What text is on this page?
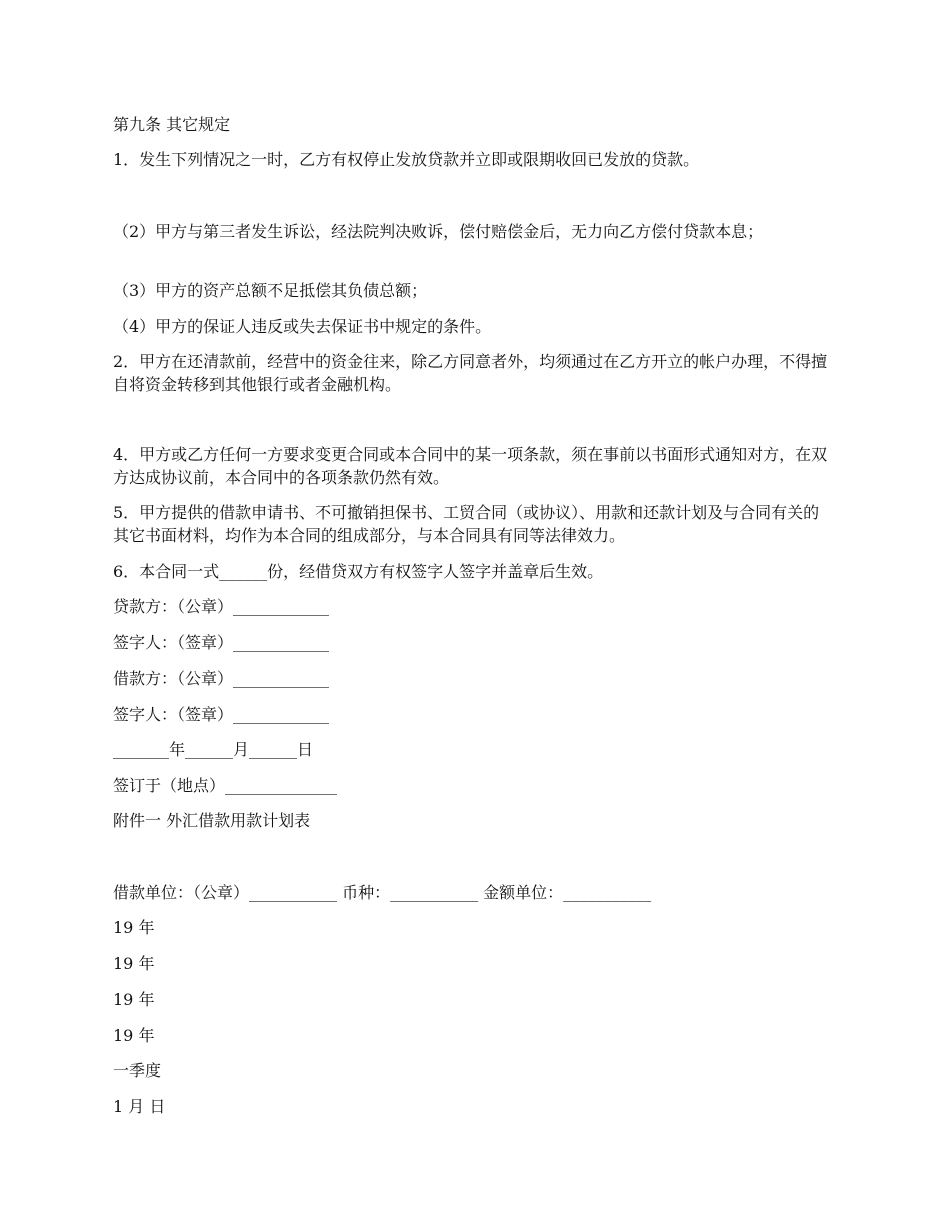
第九条 其它规定

1．发生下列情况之一时，乙方有权停止发放贷款并立即或限期收回已发放的贷款。

（2）甲方与第三者发生诉讼，经法院判决败诉，偿付赔偿金后，无力向乙方偿付贷款本息；

（3）甲方的资产总额不足抵偿其负债总额；

（4）甲方的保证人违反或失去保证书中规定的条件。

2．甲方在还清款前，经营中的资金往来，除乙方同意者外，均须通过在乙方开立的帐户办理，不得擅自将资金转移到其他银行或者金融机构。

4．甲方或乙方任何一方要求变更合同或本合同中的某一项条款，须在事前以书面形式通知对方，在双方达成协议前，本合同中的各项条款仍然有效。

5．甲方提供的借款申请书、不可撤销担保书、工贸合同（或协议）、用款和还款计划及与合同有关的其它书面材料，均作为本合同的组成部分，与本合同具有同等法律效力。

6．本合同一式______份，经借贷双方有权签字人签字并盖章后生效。

贷款方：（公章）____________

签字人：（签章）____________

借款方：（公章）____________

签字人：（签章）____________

_______年______月______日

签订于（地点）______________

附件一 外汇借款用款计划表

借款单位：（公章）___________ 币种：___________ 金额单位：___________

19 年

19 年

19 年

19 年

一季度

1 月 日
